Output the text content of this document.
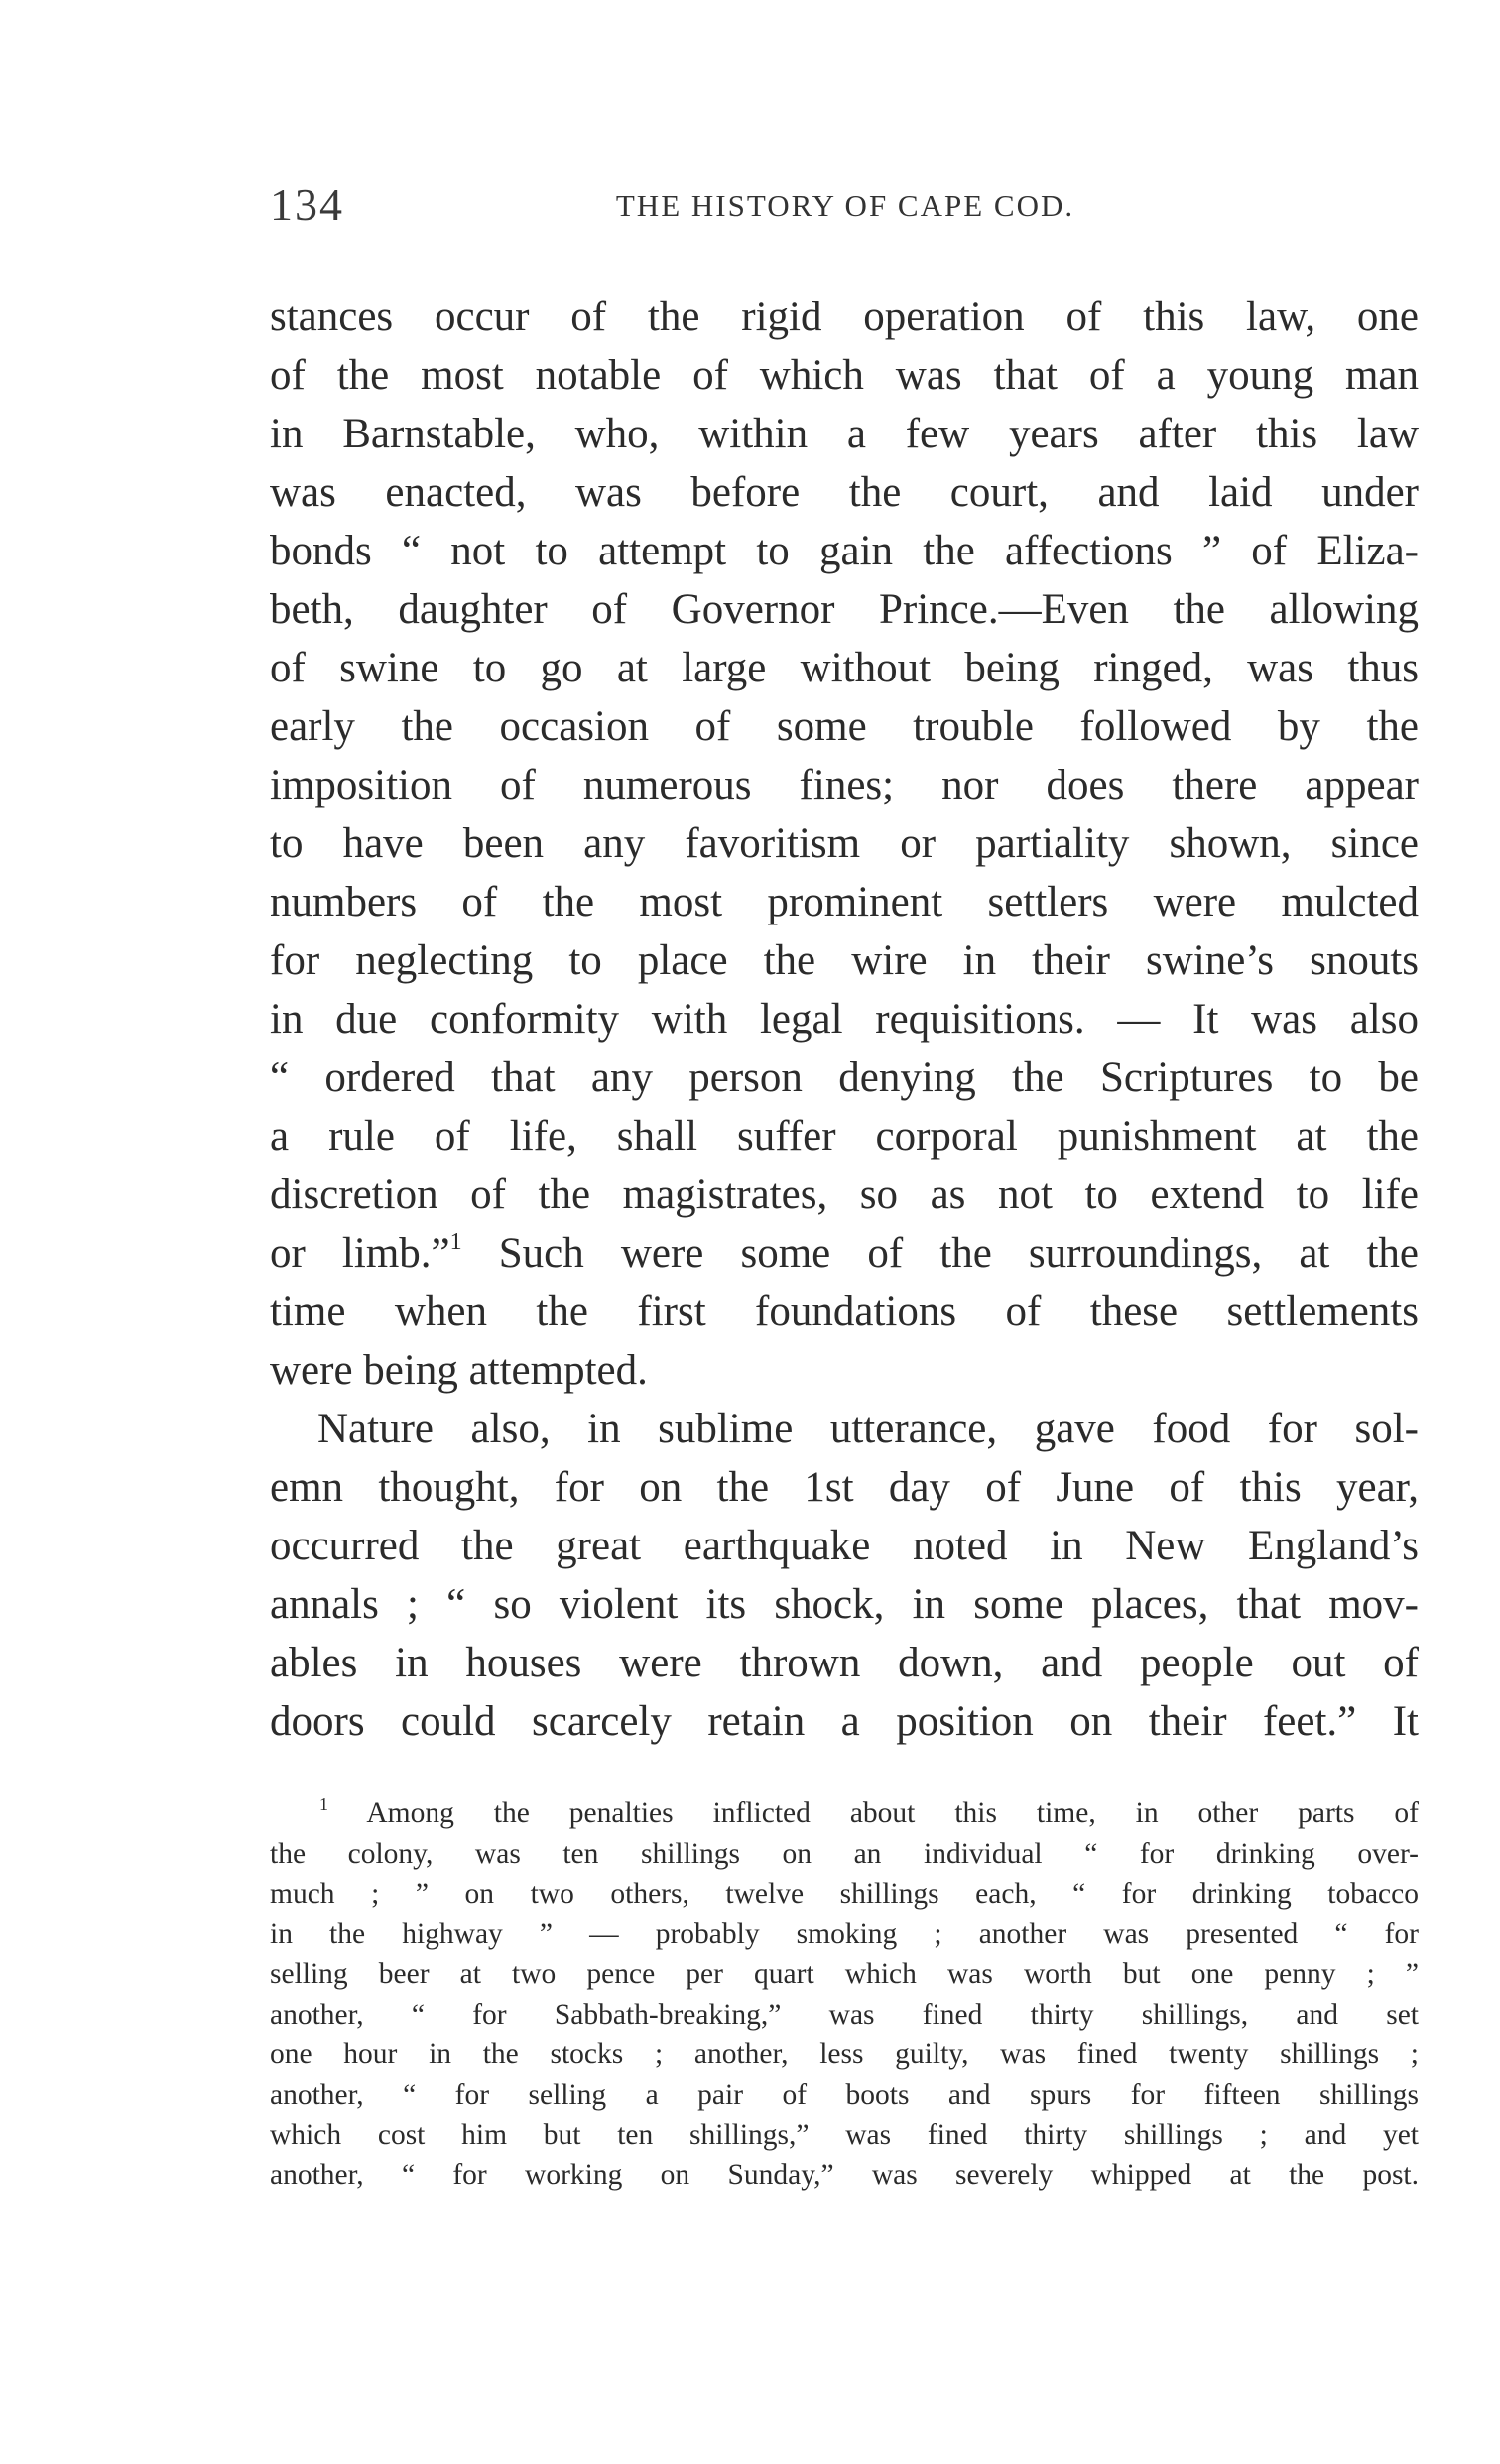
134	THE HISTORY OF CAPE COD.
stances occur of the rigid operation of this law, one
of the most notable of which was that of a young man
in Barnstable, who, within a few years after this law
was enacted, was before the court, and laid under
bonds “ not to attempt to gain the affections ” of Eliza-
beth, daughter of Governor Prince.—Even the allowing
of swine to go at large without being ringed, was thus
early the occasion of some trouble followed by the
imposition of numerous fines; nor does there appear
to have been any favoritism or partiality shown, since
numbers of the most prominent settlers were mulcted
for neglecting to place the wire in their swine’s snouts
in due conformity with legal requisitions. — It was also
“ ordered that any person denying the Scriptures to be
a rule of life, shall suffer corporal punishment at the
discretion of the magistrates, so as not to extend to life
or limb.”$^1$ Such were some of the surroundings, at the
time when the first foundations of these settlements
were being attempted.
Nature also, in sublime utterance, gave food for sol-
emn thought, for on the 1st day of June of this year,
occurred the great earthquake noted in New England’s
annals ; “ so violent its shock, in some places, that mov-
ables in houses were thrown down, and people out of
doors could scarcely retain a position on their feet.” It
$^1$ Among the penalties inflicted about this time, in other parts of
the colony, was ten shillings on an individual “ for drinking over-
much ; ” on two others, twelve shillings each, “ for drinking tobacco
in the highway ” — probably smoking ; another was presented “ for
selling beer at two pence per quart which was worth but one penny ; ”
another, “ for Sabbath-breaking,” was fined thirty shillings, and set
one hour in the stocks ; another, less guilty, was fined twenty shillings ;
another, “ for selling a pair of boots and spurs for fifteen shillings
which cost him but ten shillings,” was fined thirty shillings ; and yet
another, “ for working on Sunday,” was severely whipped at the post.
